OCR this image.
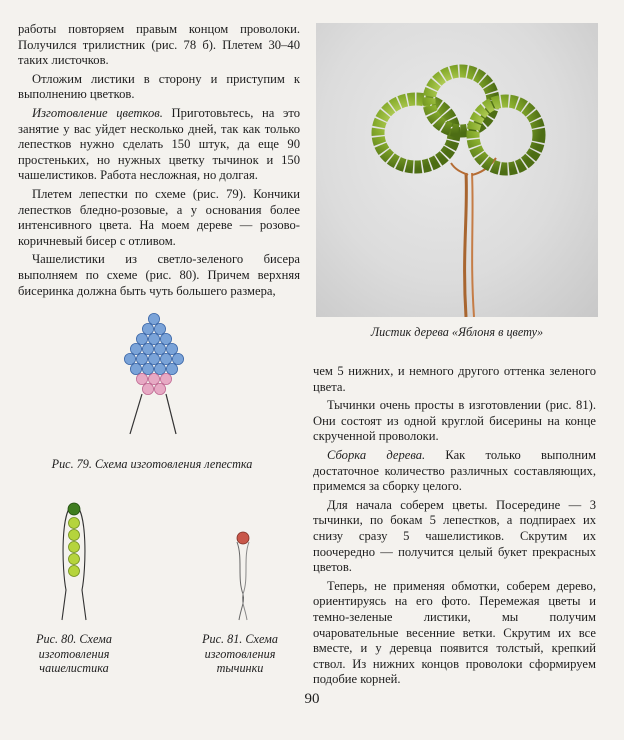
работы повторяем правым концом проволоки. Получился трилистник (рис. 78 б). Плетем 30–40 таких листочков.

Отложим листики в сторону и приступим к выполнению цветков.

Изготовление цветков. Приготовьтесь, на это занятие у вас уйдет несколько дней, так как только лепестков нужно сделать 150 штук, да еще 90 простеньких, но нужных цветку тычинок и 150 чашелистиков. Работа несложная, но долгая.

Плетем лепестки по схеме (рис. 79). Кончики лепестков бледно-розовые, а у основания более интенсивного цвета. На моем дереве — розово-коричневый бисер с отливом.

Чашелистики из светло-зеленого бисера выполняем по схеме (рис. 80). Причем верхняя бисеринка должна быть чуть большего размера,

Листик дерева «Яблоня в цвету»
Рис. 79. Схема изготовления лепестка
Рис. 80. Схема изготовления чашелистика
Рис. 81. Схема изготовления тычинки

чем 5 нижних, и немного другого оттенка зеленого цвета.

Тычинки очень просты в изготовлении (рис. 81). Они состоят из одной круглой бисерины на конце скрученной проволоки.

Сборка дерева. Как только выполним достаточное количество различных составляющих, примемся за сборку целого.

Для начала соберем цветы. Посередине — 3 тычинки, по бокам 5 лепестков, а подпираех их снизу сразу 5 чашелистиков. Скрутим их поочередно — получится целый букет прекрасных цветов.

Теперь, не применяя обмотки, соберем дерево, ориентируясь на его фото. Перемежая цветы и темно-зеленые листики, мы получим очаровательные весенние ветки. Скрутим их все вместе, и у деревца появится толстый, крепкий ствол. Из нижних концов проволоки сформируем подобие корней.

90
